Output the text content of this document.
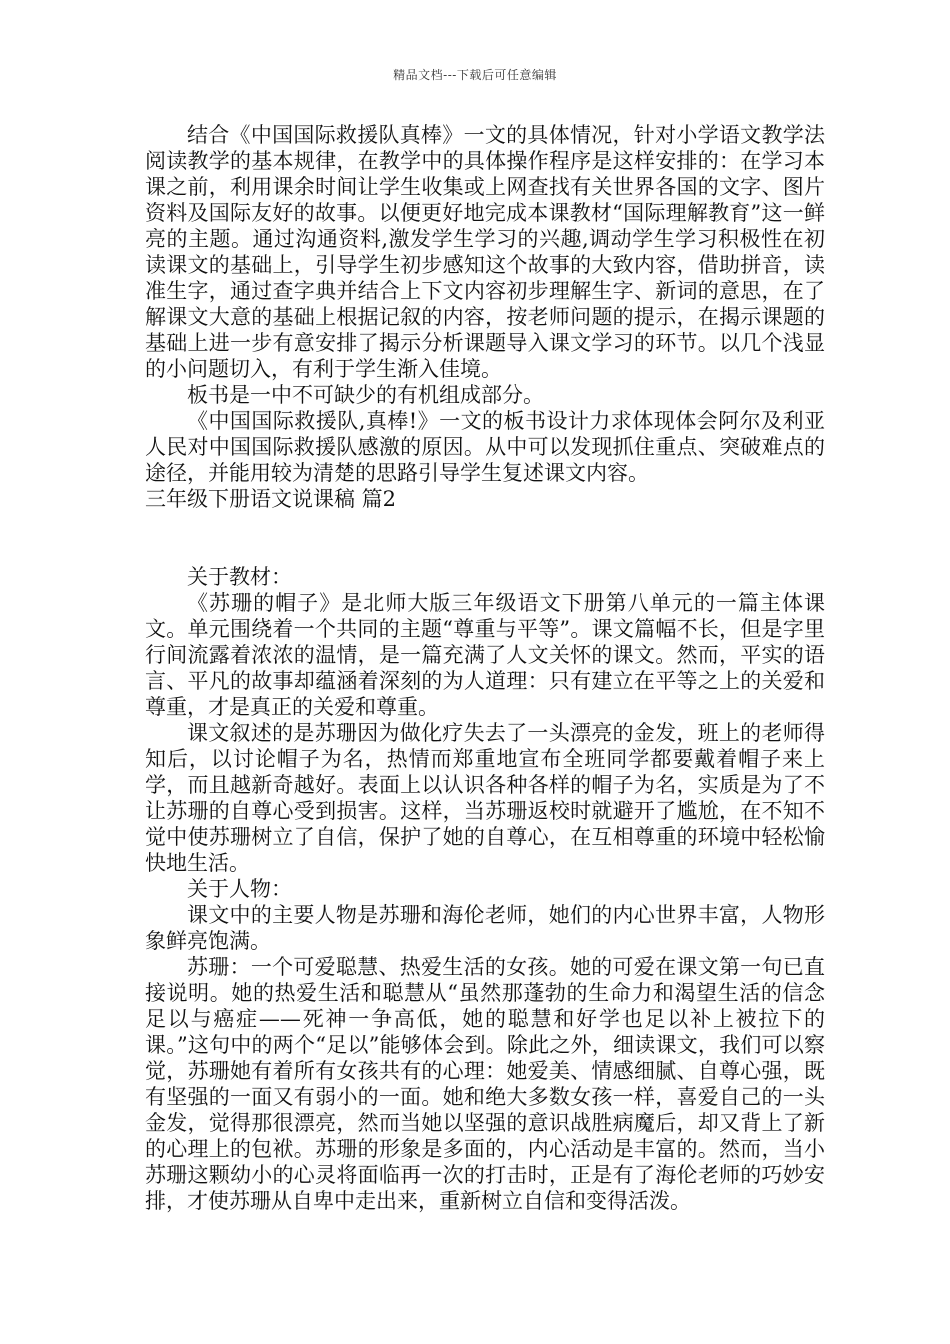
精品文档---下载后可任意编辑

结合《中国国际救援队真棒》一文的具体情况，针对小学语文教学法阅读教学的基本规律，在教学中的具体操作程序是这样安排的：在学习本课之前，利用课余时间让学生收集或上网查找有关世界各国的文字、图片资料及国际友好的故事。以便更好地完成本课教材“国际理解教育”这一鲜亮的主题。通过沟通资料,激发学生学习的兴趣,调动学生学习积极性在初读课文的基础上，引导学生初步感知这个故事的大致内容，借助拼音，读准生字，通过查字典并结合上下文内容初步理解生字、新词的意思，在了解课文大意的基础上根据记叙的内容，按老师问题的提示，在揭示课题的基础上进一步有意安排了揭示分析课题导入课文学习的环节。以几个浅显的小问题切入，有利于学生渐入佳境。

板书是一中不可缺少的有机组成部分。

《中国国际救援队,真棒!》一文的板书设计力求体现体会阿尔及利亚人民对中国国际救援队感激的原因。从中可以发现抓住重点、突破难点的途径，并能用较为清楚的思路引导学生复述课文内容。

三年级下册语文说课稿 篇2

关于教材：

《苏珊的帽子》是北师大版三年级语文下册第八单元的一篇主体课文。单元围绕着一个共同的主题“尊重与平等”。课文篇幅不长，但是字里行间流露着浓浓的温情，是一篇充满了人文关怀的课文。然而，平实的语言、平凡的故事却蕴涵着深刻的为人道理：只有建立在平等之上的关爱和尊重，才是真正的关爱和尊重。

课文叙述的是苏珊因为做化疗失去了一头漂亮的金发，班上的老师得知后，以讨论帽子为名，热情而郑重地宣布全班同学都要戴着帽子来上学，而且越新奇越好。表面上以认识各种各样的帽子为名，实质是为了不让苏珊的自尊心受到损害。这样，当苏珊返校时就避开了尴尬，在不知不觉中使苏珊树立了自信，保护了她的自尊心，在互相尊重的环境中轻松愉快地生活。

关于人物：

课文中的主要人物是苏珊和海伦老师，她们的内心世界丰富，人物形象鲜亮饱满。

苏珊：一个可爱聪慧、热爱生活的女孩。她的可爱在课文第一句已直接说明。她的热爱生活和聪慧从“虽然那蓬勃的生命力和渴望生活的信念足以与癌症——死神一争高低，她的聪慧和好学也足以补上被拉下的课。”这句中的两个“足以”能够体会到。除此之外，细读课文，我们可以察觉，苏珊她有着所有女孩共有的心理：她爱美、情感细腻、自尊心强，既有坚强的一面又有弱小的一面。她和绝大多数女孩一样，喜爱自己的一头金发，觉得那很漂亮，然而当她以坚强的意识战胜病魔后，却又背上了新的心理上的包袱。苏珊的形象是多面的，内心活动是丰富的。然而，当小苏珊这颗幼小的心灵将面临再一次的打击时，正是有了海伦老师的巧妙安排，才使苏珊从自卑中走出来，重新树立自信和变得活泼。
